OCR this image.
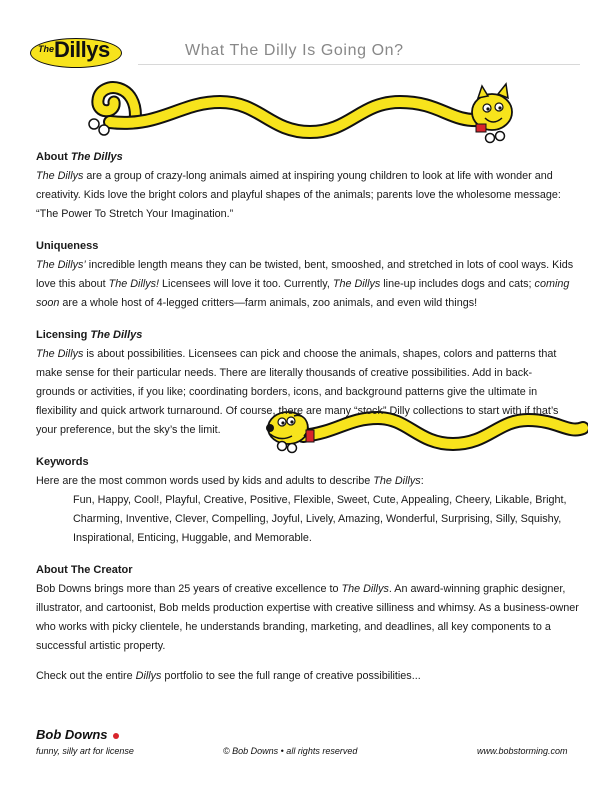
The Dillys	What The Dilly Is Going On?
About The Dillys

The Dillys are a group of crazy-long animals aimed at inspiring young children to look at life with wonder and creativity. Kids love the bright colors and playful shapes of the animals; parents love the wholesome message: “The Power To Stretch Your Imagination.”

Uniqueness

The Dillys’ incredible length means they can be twisted, bent, smooshed, and stretched in lots of cool ways. Kids love this about The Dillys! Licensees will love it too. Currently, The Dillys line-up includes dogs and cats; coming soon are a whole host of 4-legged critters—farm animals, zoo animals, and even wild things!

Licensing The Dillys

The Dillys is about possibilities. Licensees can pick and choose the animals, shapes, colors and patterns that make sense for their particular needs. There are literally thousands of creative possibilities. Add in back-grounds or activities, if you like; coordinating borders, icons, and background patterns give the ultimate in flexibility and quick artwork turnaround. Of course, there are many “stock” Dilly collections to start with if that’s your preference, but the sky’s the limit.

Keywords

Here are the most common words used by kids and adults to describe The Dillys:

Fun, Happy, Cool!, Playful, Creative, Positive, Flexible, Sweet, Cute, Appealing, Cheery, Likable, Bright, Charming, Inventive, Clever, Compelling, Joyful, Lively, Amazing, Wonderful, Surprising, Silly, Squishy, Inspirational, Enticing, Huggable, and Memorable.

About The Creator

Bob Downs brings more than 25 years of creative excellence to The Dillys. An award-winning graphic designer, illustrator, and cartoonist, Bob melds production expertise with creative silliness and whimsy. As a business-owner who works with picky clientele, he understands branding, marketing, and deadlines, all key components to a successful artistic property.

Check out the entire Dillys portfolio to see the full range of creative possibilities...

Bob Downs
funny, silly art for license	© Bob Downs • all rights reserved	www.bobstorming.com
